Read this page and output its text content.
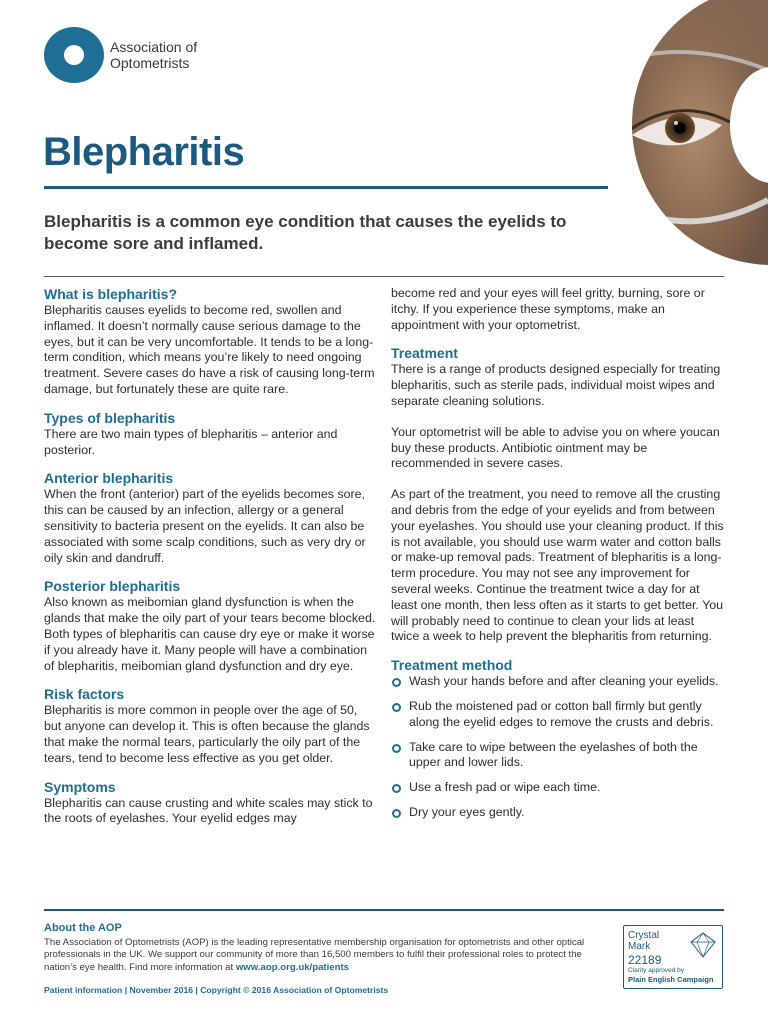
Association of
Optometrists
Blepharitis
Blepharitis is a common eye condition that causes the eyelids to become sore and inflamed.
What is blepharitis?

Blepharitis causes eyelids to become red, swollen and inflamed. It doesn’t normally cause serious damage to the eyes, but it can be very uncomfortable. It tends to be a long-term condition, which means you’re likely to need ongoing treatment. Severe cases do have a risk of causing long-term damage, but fortunately these are quite rare.

Types of blepharitis

There are two main types of blepharitis – anterior and posterior.

Anterior blepharitis

When the front (anterior) part of the eyelids becomes sore, this can be caused by an infection, allergy or a general sensitivity to bacteria present on the eyelids. It can also be associated with some scalp conditions, such as very dry or oily skin and dandruff.

Posterior blepharitis

Also known as meibomian gland dysfunction is when the glands that make the oily part of your tears become blocked. Both types of blepharitis can cause dry eye or make it worse if you already have it. Many people will have a combination of blepharitis, meibomian gland dysfunction and dry eye.

Risk factors

Blepharitis is more common in people over the age of 50, but anyone can develop it. This is often because the glands that make the normal tears, particularly the oily part of the tears, tend to become less effective as you get older.

Symptoms

Blepharitis can cause crusting and white scales may stick to the roots of eyelashes. Your eyelid edges may

become red and your eyes will feel gritty, burning, sore or itchy. If you experience these symptoms, make an appointment with your optometrist.

Treatment

There is a range of products designed especially for treating blepharitis, such as sterile pads, individual moist wipes and separate cleaning solutions.

Your optometrist will be able to advise you on where youcan buy these products. Antibiotic ointment may be recommended in severe cases.

As part of the treatment, you need to remove all the crusting and debris from the edge of your eyelids and from between your eyelashes. You should use your cleaning product. If this is not available, you should use warm water and cotton balls or make-up removal pads. Treatment of blepharitis is a long-term procedure. You may not see any improvement for several weeks. Continue the treatment twice a day for at least one month, then less often as it starts to get better. You will probably need to continue to clean your lids at least twice a week to help prevent the blepharitis from returning.

Treatment method
Wash your hands before and after cleaning your eyelids.
Rub the moistened pad or cotton ball firmly but gently along the eyelid edges to remove the crusts and debris.
Take care to wipe between the eyelashes of both the upper and lower lids.
Use a fresh pad or wipe each time.
Dry your eyes gently.
About the AOP
The Association of Optometrists (AOP) is the leading representative membership organisation for optometrists and other optical professionals in the UK. We support our community of more than 16,500 members to fulfil their professional roles to protect the nation’s eye health. Find more information at www.aop.org.uk/patients
Patient information | November 2016 | Copyright © 2016 Association of Optometrists
Crystal
Mark
22189
Clarity approved by
Plain English Campaign
